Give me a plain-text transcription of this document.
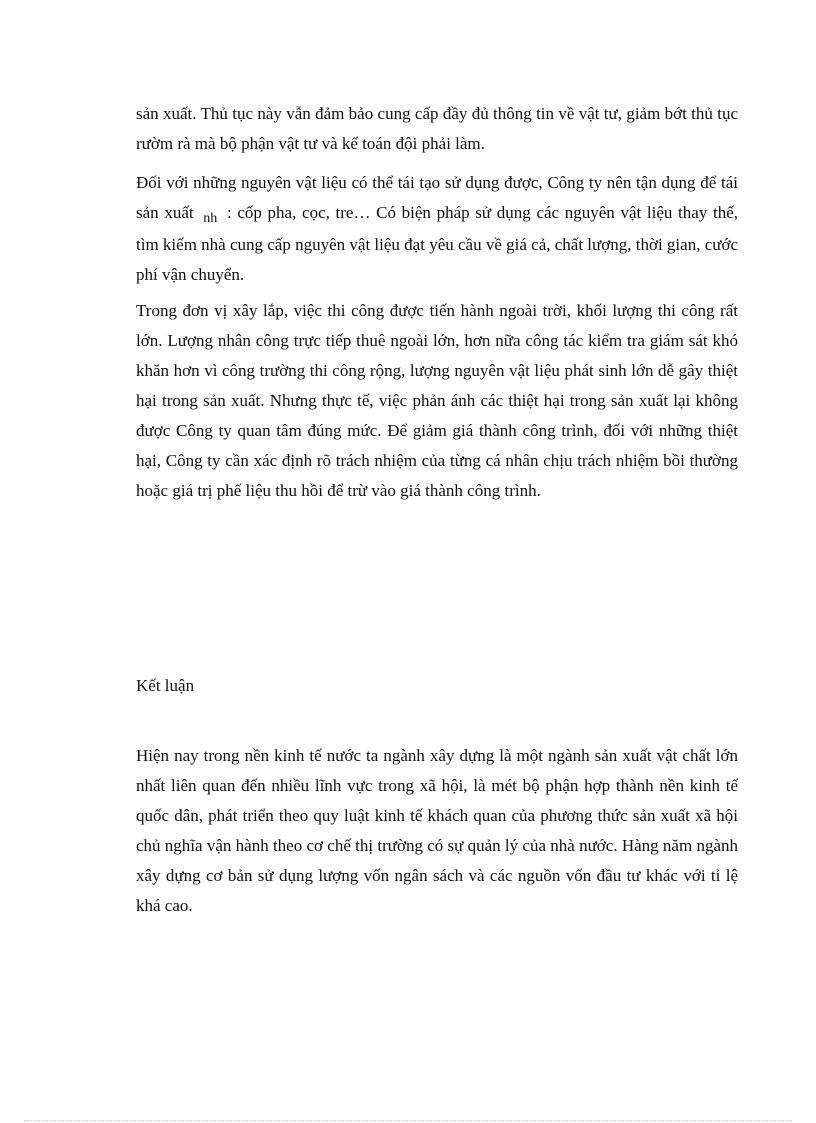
sản xuất. Thủ tục này vẫn đảm bảo cung cấp đầy đủ thông tin về vật tư, giảm bớt thủ tục rườm rà mà bộ phận vật tư và kế toán đội phải làm.

Đối với những nguyên vật liệu có thể tái tạo sử dụng được, Công ty nên tận dụng để tái sản xuất $_{nh}$ : cốp pha, cọc, tre… Có biện pháp sử dụng các nguyên vật liệu thay thế, tìm kiếm nhà cung cấp nguyên vật liệu đạt yêu cầu về giá cả, chất lượng, thời gian, cước phí vận chuyển.

Trong đơn vị xây lắp, việc thi công được tiến hành ngoài trời, khối lượng thi công rất lớn. Lượng nhân công trực tiếp thuê ngoài lớn, hơn nữa công tác kiểm tra giám sát khó khăn hơn vì công trường thi công rộng, lượng nguyên vật liệu phát sinh lớn dễ gây thiệt hại trong sản xuất. Nhưng thực tế, việc phản ánh các thiệt hại trong sản xuất lại không được Công ty quan tâm đúng mức. Để giảm giá thành công trình, đối với những thiệt hại, Công ty cần xác định rõ trách nhiệm của từng cá nhân chịu trách nhiệm bồi thường hoặc giá trị phế liệu thu hồi để trừ vào giá thành công trình.

Kết luận

Hiện nay trong nền kinh tế nước ta ngành xây dựng là một ngành sản xuất vật chất lớn nhất liên quan đến nhiều lĩnh vực trong xã hội, là mét bộ phận hợp thành nền kinh tế quốc dân, phát triển theo quy luật kinh tế khách quan của phương thức sản xuất xã hội chủ nghĩa vận hành theo cơ chế thị trường có sự quản lý của nhà nước. Hàng năm ngành xây dựng cơ bản sử dụng lượng vốn ngân sách và các nguồn vốn đầu tư khác với tỉ lệ khá cao.
